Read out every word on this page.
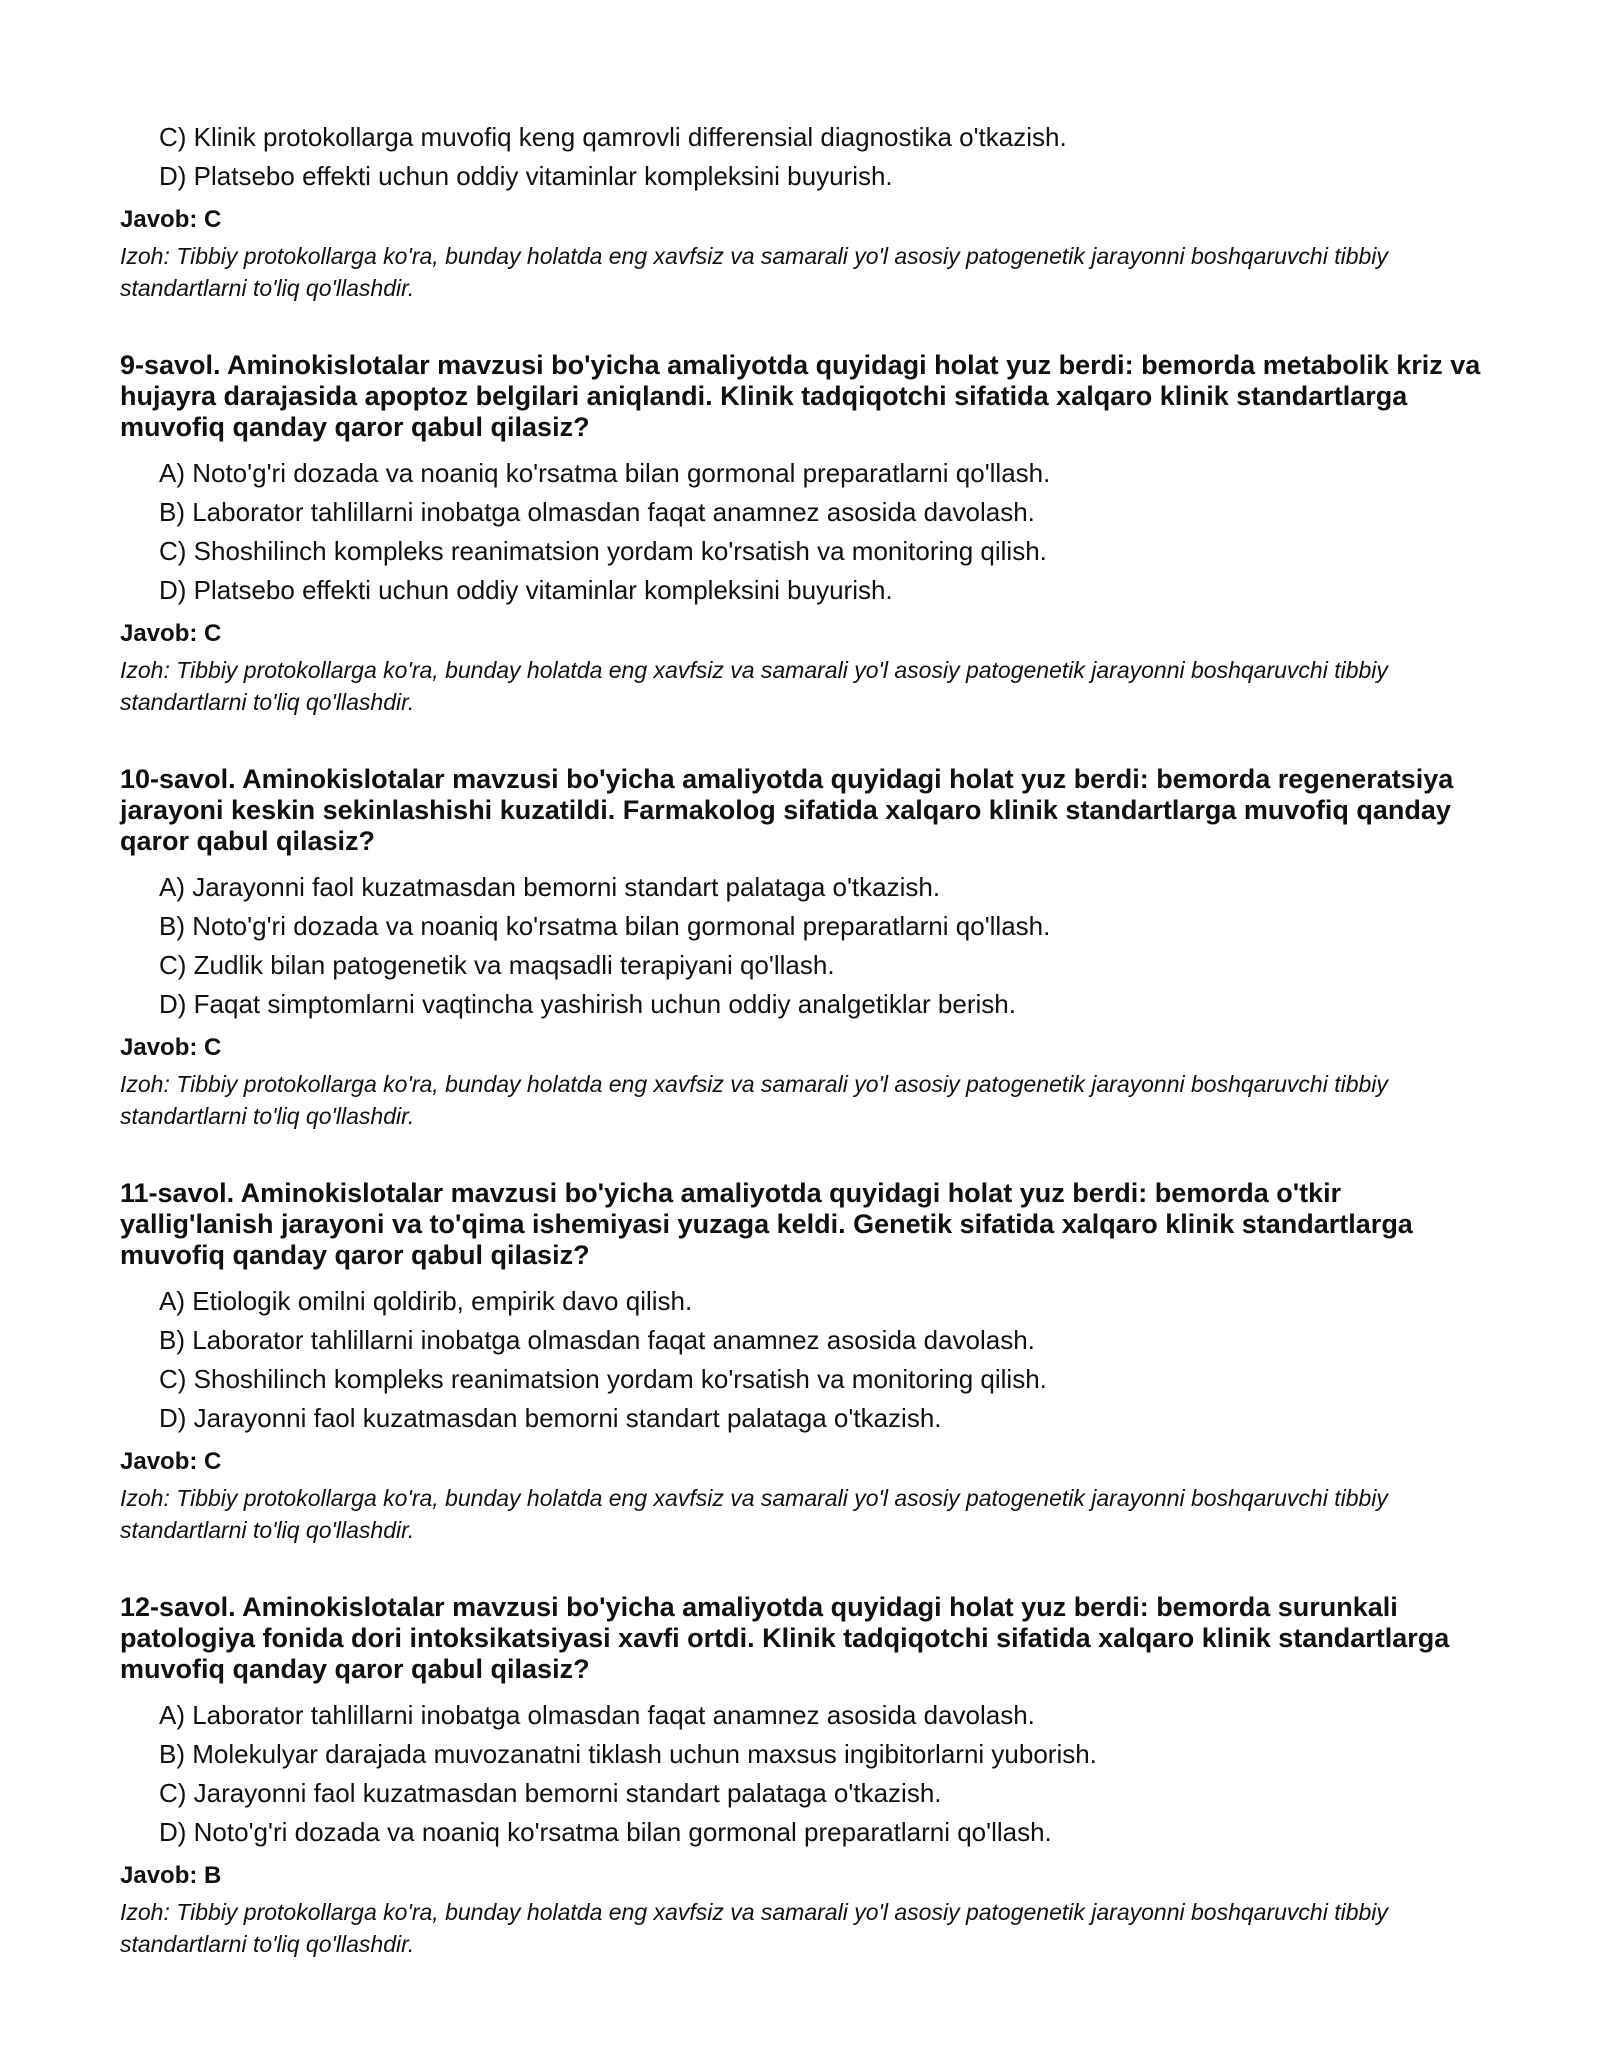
C) Klinik protokollarga muvofiq keng qamrovli differensial diagnostika o'tkazish.
D) Platsebo effekti uchun oddiy vitaminlar kompleksini buyurish.
Javob: C
Izoh: Tibbiy protokollarga ko'ra, bunday holatda eng xavfsiz va samarali yo'l asosiy patogenetik jarayonni boshqaruvchi tibbiy standartlarni to'liq qo'llashdir.
9-savol. Aminokislotalar mavzusi bo'yicha amaliyotda quyidagi holat yuz berdi: bemorda metabolik kriz va hujayra darajasida apoptoz belgilari aniqlandi. Klinik tadqiqotchi sifatida xalqaro klinik standartlarga muvofiq qanday qaror qabul qilasiz?
A) Noto'g'ri dozada va noaniq ko'rsatma bilan gormonal preparatlarni qo'llash.
B) Laborator tahlillarni inobatga olmasdan faqat anamnez asosida davolash.
C) Shoshilinch kompleks reanimatsion yordam ko'rsatish va monitoring qilish.
D) Platsebo effekti uchun oddiy vitaminlar kompleksini buyurish.
Javob: C
Izoh: Tibbiy protokollarga ko'ra, bunday holatda eng xavfsiz va samarali yo'l asosiy patogenetik jarayonni boshqaruvchi tibbiy standartlarni to'liq qo'llashdir.
10-savol. Aminokislotalar mavzusi bo'yicha amaliyotda quyidagi holat yuz berdi: bemorda regeneratsiya jarayoni keskin sekinlashishi kuzatildi. Farmakolog sifatida xalqaro klinik standartlarga muvofiq qanday qaror qabul qilasiz?
A) Jarayonni faol kuzatmasdan bemorni standart palataga o'tkazish.
B) Noto'g'ri dozada va noaniq ko'rsatma bilan gormonal preparatlarni qo'llash.
C) Zudlik bilan patogenetik va maqsadli terapiyani qo'llash.
D) Faqat simptomlarni vaqtincha yashirish uchun oddiy analgetiklar berish.
Javob: C
Izoh: Tibbiy protokollarga ko'ra, bunday holatda eng xavfsiz va samarali yo'l asosiy patogenetik jarayonni boshqaruvchi tibbiy standartlarni to'liq qo'llashdir.
11-savol. Aminokislotalar mavzusi bo'yicha amaliyotda quyidagi holat yuz berdi: bemorda o'tkir yallig'lanish jarayoni va to'qima ishemiyasi yuzaga keldi. Genetik sifatida xalqaro klinik standartlarga muvofiq qanday qaror qabul qilasiz?
A) Etiologik omilni qoldirib, empirik davo qilish.
B) Laborator tahlillarni inobatga olmasdan faqat anamnez asosida davolash.
C) Shoshilinch kompleks reanimatsion yordam ko'rsatish va monitoring qilish.
D) Jarayonni faol kuzatmasdan bemorni standart palataga o'tkazish.
Javob: C
Izoh: Tibbiy protokollarga ko'ra, bunday holatda eng xavfsiz va samarali yo'l asosiy patogenetik jarayonni boshqaruvchi tibbiy standartlarni to'liq qo'llashdir.
12-savol. Aminokislotalar mavzusi bo'yicha amaliyotda quyidagi holat yuz berdi: bemorda surunkali patologiya fonida dori intoksikatsiyasi xavfi ortdi. Klinik tadqiqotchi sifatida xalqaro klinik standartlarga muvofiq qanday qaror qabul qilasiz?
A) Laborator tahlillarni inobatga olmasdan faqat anamnez asosida davolash.
B) Molekulyar darajada muvozanatni tiklash uchun maxsus ingibitorlarni yuborish.
C) Jarayonni faol kuzatmasdan bemorni standart palataga o'tkazish.
D) Noto'g'ri dozada va noaniq ko'rsatma bilan gormonal preparatlarni qo'llash.
Javob: B
Izoh: Tibbiy protokollarga ko'ra, bunday holatda eng xavfsiz va samarali yo'l asosiy patogenetik jarayonni boshqaruvchi tibbiy standartlarni to'liq qo'llashdir.
